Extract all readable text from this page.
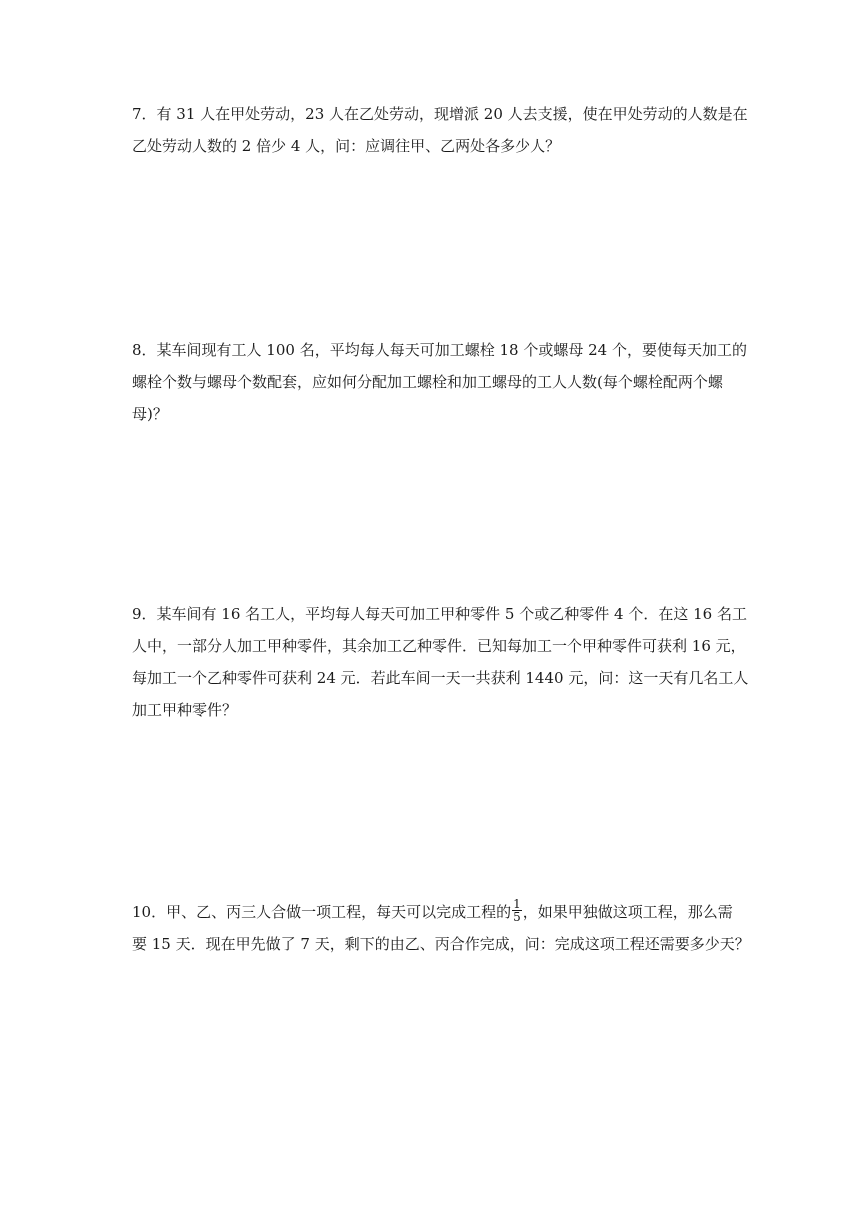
7．有 31 人在甲处劳动，23 人在乙处劳动，现增派 20 人去支援，使在甲处劳动的人数是在
乙处劳动人数的 2 倍少 4 人，问：应调往甲、乙两处各多少人？
8．某车间现有工人 100 名，平均每人每天可加工螺栓 18 个或螺母 24 个，要使每天加工的
螺栓个数与螺母个数配套，应如何分配加工螺栓和加工螺母的工人人数(每个螺栓配两个螺
母)？
9．某车间有 16 名工人，平均每人每天可加工甲种零件 5 个或乙种零件 4 个．在这 16 名工
人中，一部分人加工甲种零件，其余加工乙种零件．已知每加工一个甲种零件可获利 16 元，
每加工一个乙种零件可获利 24 元．若此车间一天一共获利 1440 元，问：这一天有几名工人
加工甲种零件？
10．甲、乙、丙三人合做一项工程，每天可以完成工程的 $\frac{1}{5}$ ，如果甲独做这项工程，那么需
要 15 天．现在甲先做了 7 天，剩下的由乙、丙合作完成，问：完成这项工程还需要多少天？
